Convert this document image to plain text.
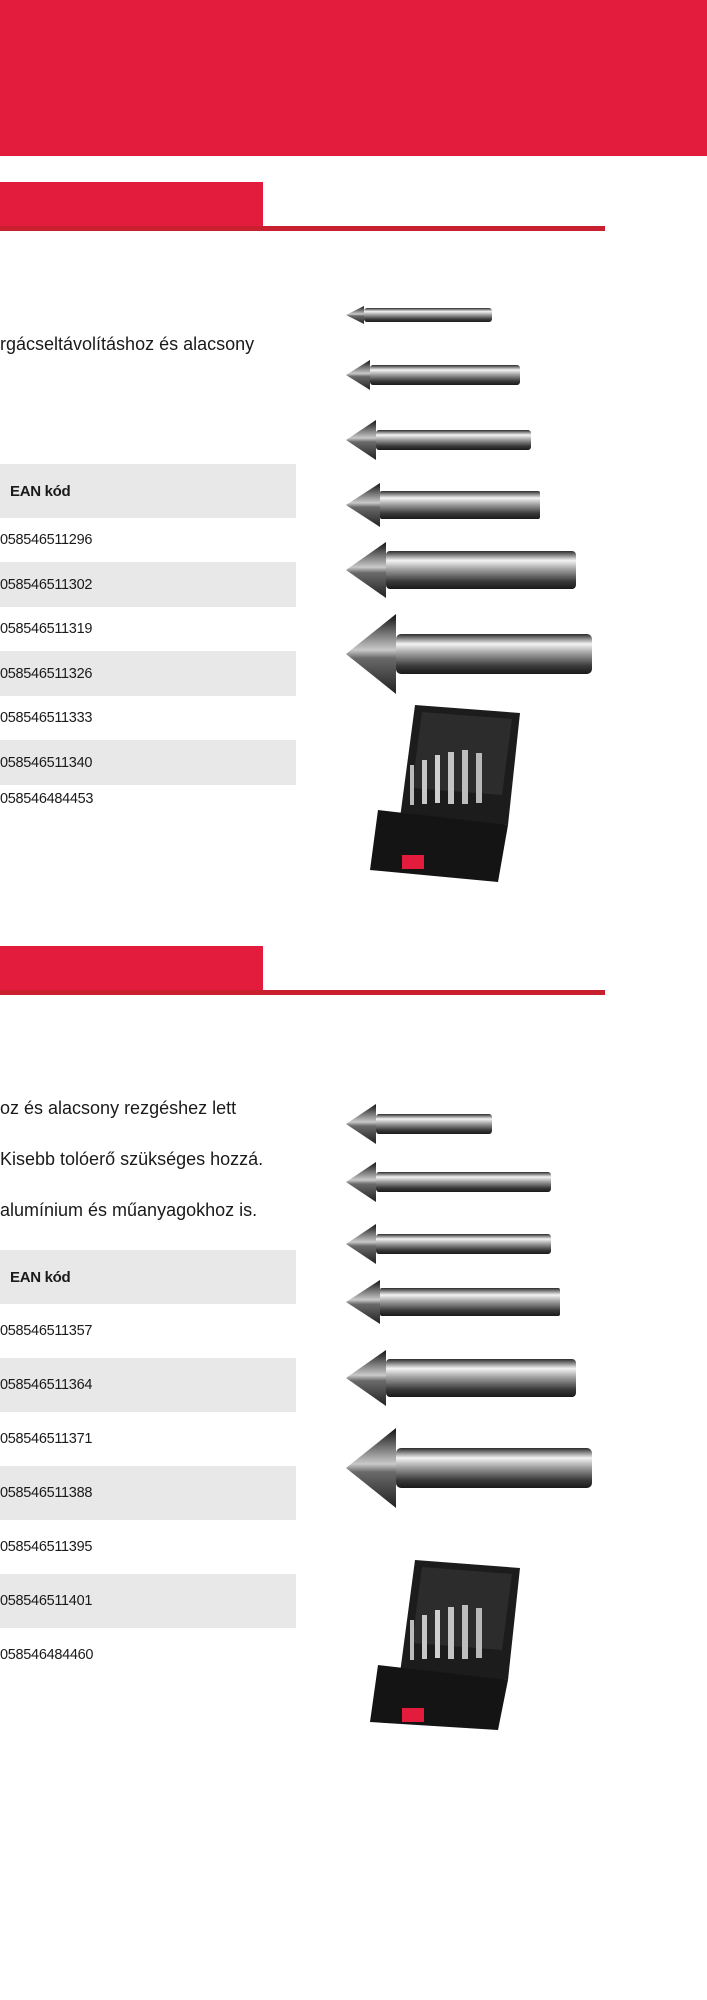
rgácseltávolításhoz és alacsony
EAN kód
058546511296
058546511302
058546511319
058546511326
058546511333
058546511340
058546484453
oz és alacsony rezgéshez lett
Kisebb tolóerő szükséges hozzá.
alumínium és műanyagokhoz is.
EAN kód
058546511357
058546511364
058546511371
058546511388
058546511395
058546511401
058546484460
